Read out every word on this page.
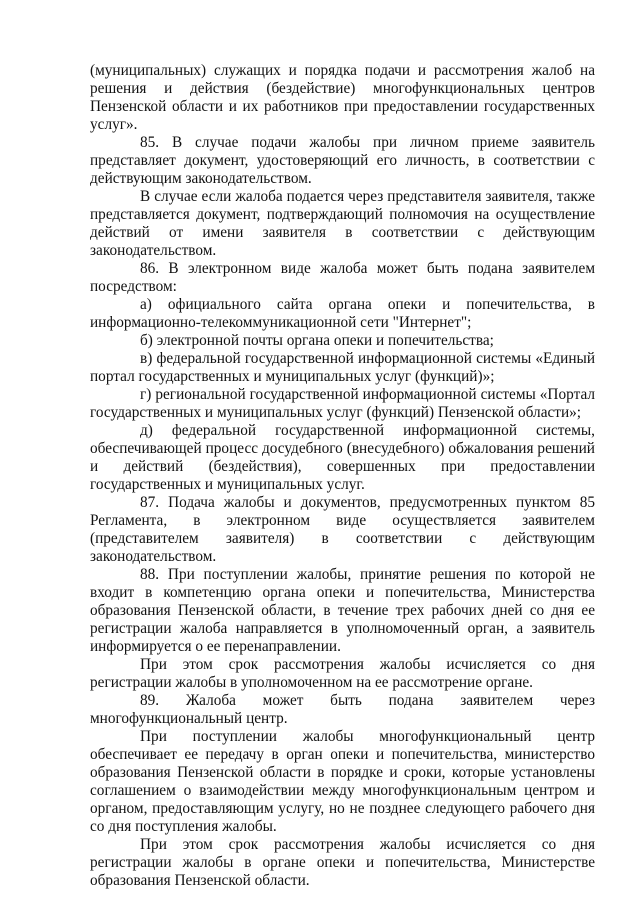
(муниципальных) служащих и порядка подачи и рассмотрения жалоб на решения и действия (бездействие) многофункциональных центров Пензенской области и их работников при предоставлении государственных услуг».

85. В случае подачи жалобы при личном приеме заявитель представляет документ, удостоверяющий его личность, в соответствии с действующим законодательством.

В случае если жалоба подается через представителя заявителя, также представляется документ, подтверждающий полномочия на осуществление действий от имени заявителя в соответствии с действующим законодательством.

86. В электронном виде жалоба может быть подана заявителем посредством:

а) официального сайта органа опеки и попечительства, в информационно-телекоммуникационной сети "Интернет";

б) электронной почты органа опеки и попечительства;

в) федеральной государственной информационной системы «Единый портал государственных и муниципальных услуг (функций)»;

г) региональной государственной информационной системы «Портал государственных и муниципальных услуг (функций) Пензенской области»;

д) федеральной государственной информационной системы, обеспечивающей процесс досудебного (внесудебного) обжалования решений и действий (бездействия), совершенных при предоставлении государственных и муниципальных услуг.

87. Подача жалобы и документов, предусмотренных пунктом 85 Регламента, в электронном виде осуществляется заявителем (представителем заявителя) в соответствии с действующим законодательством.

88. При поступлении жалобы, принятие решения по которой не входит в компетенцию органа опеки и попечительства, Министерства образования Пензенской области, в течение трех рабочих дней со дня ее регистрации жалоба направляется в уполномоченный орган, а заявитель информируется о ее перенаправлении.

При этом срок рассмотрения жалобы исчисляется со дня регистрации жалобы в уполномоченном на ее рассмотрение органе.

89. Жалоба может быть подана заявителем через многофункциональный центр.

При поступлении жалобы многофункциональный центр обеспечивает ее передачу в орган опеки и попечительства, министерство образования Пензенской области в порядке и сроки, которые установлены соглашением о взаимодействии между многофункциональным центром и органом, предоставляющим услугу, но не позднее следующего рабочего дня со дня поступления жалобы.

При этом срок рассмотрения жалобы исчисляется со дня регистрации жалобы в органе опеки и попечительства, Министерстве образования Пензенской области.
